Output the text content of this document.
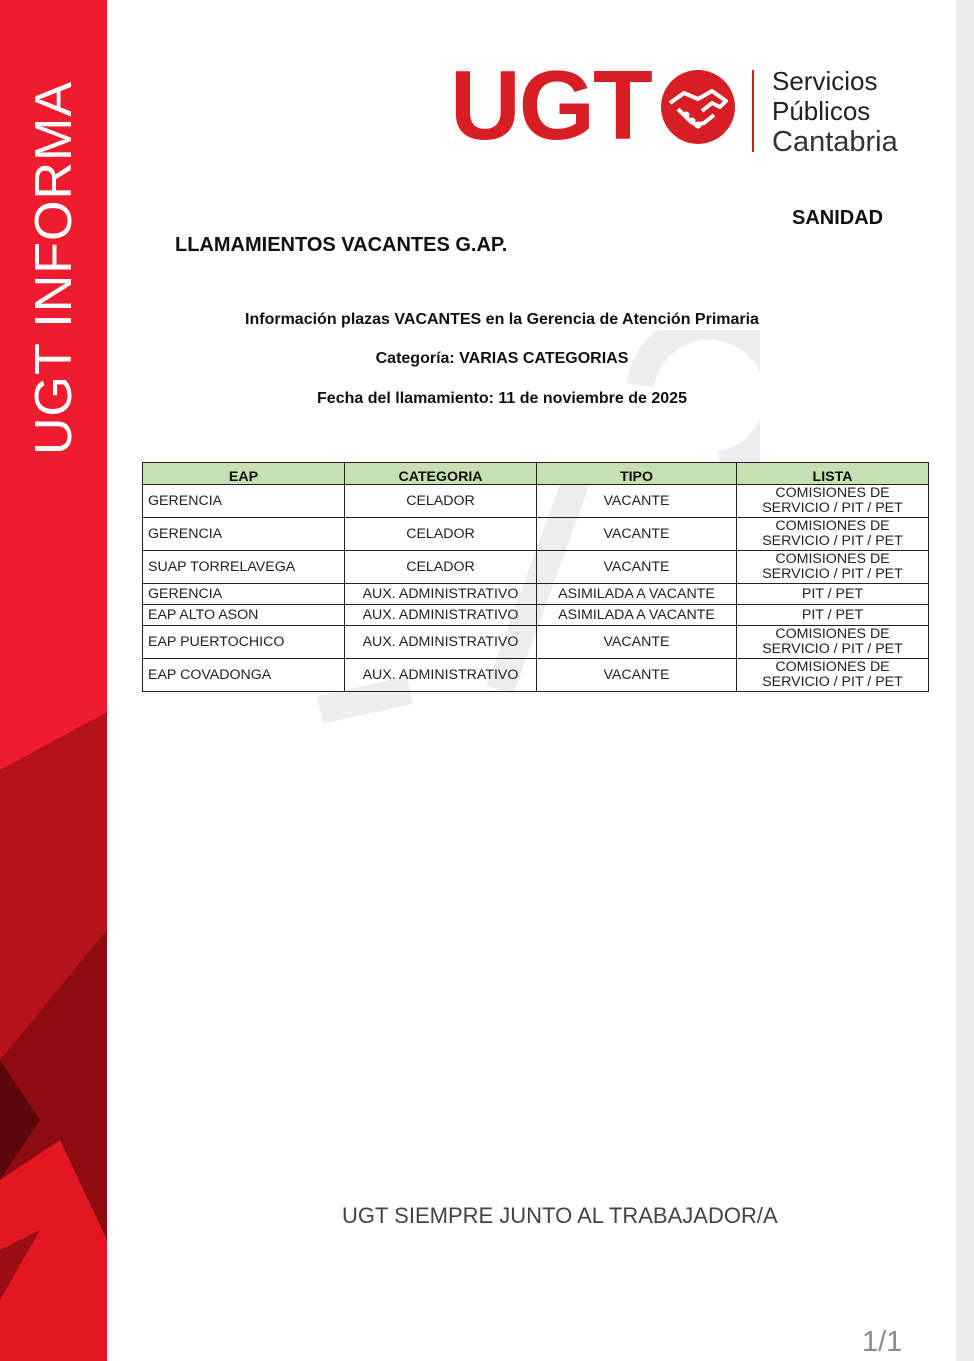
UGT INFORMA	UGT	Servicios
Públicos
Cantabria
SANIDAD
LLAMAMIENTOS VACANTES G.AP.
Información plazas VACANTES en la Gerencia de Atención Primaria
Categoría: VARIAS CATEGORIAS
Fecha del llamamiento: 11 de noviembre de 2025
EAP	CATEGORIA	TIPO	LISTA
GERENCIA	CELADOR	VACANTE	COMISIONES DE
SERVICIO / PIT / PET

GERENCIA	CELADOR	VACANTE	COMISIONES DE
SERVICIO / PIT / PET

SUAP TORRELAVEGA	CELADOR	VACANTE	COMISIONES DE
SERVICIO / PIT / PET

GERENCIA	AUX. ADMINISTRATIVO	ASIMILADA A VACANTE	PIT / PET
EAP ALTO ASON	AUX. ADMINISTRATIVO	ASIMILADA A VACANTE	PIT / PET
EAP PUERTOCHICO	AUX. ADMINISTRATIVO	VACANTE	COMISIONES DE
SERVICIO / PIT / PET

EAP COVADONGA	AUX. ADMINISTRATIVO	VACANTE	COMISIONES DE
SERVICIO / PIT / PET
UGT SIEMPRE JUNTO AL TRABAJADOR/A
1/1
